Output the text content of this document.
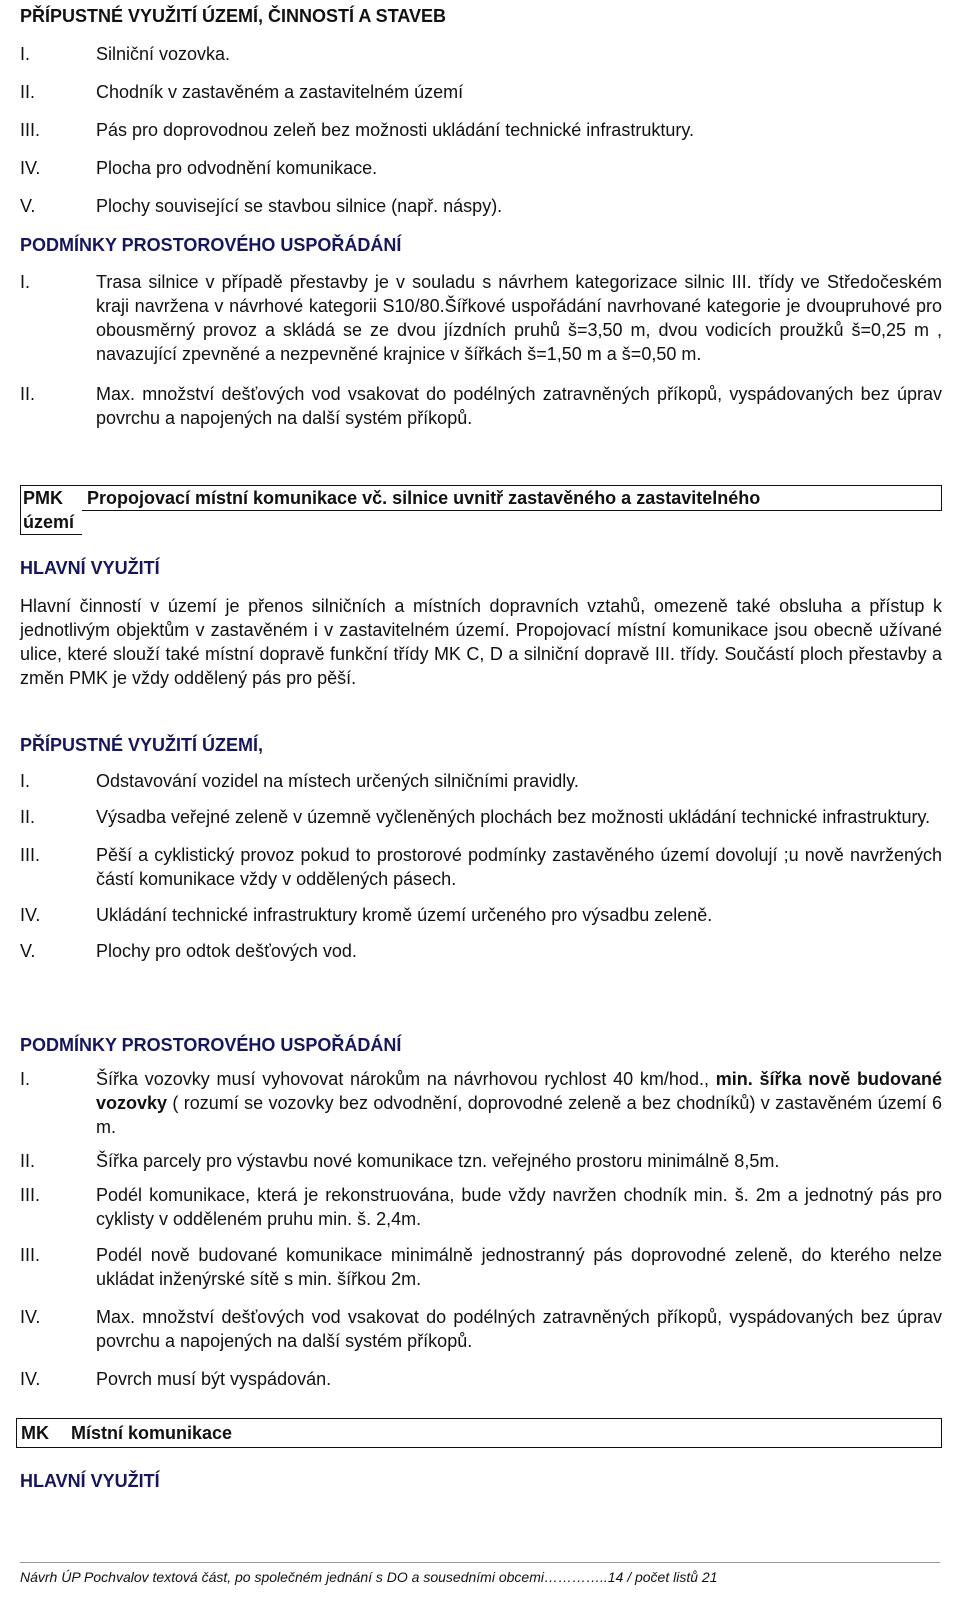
PŘÍPUSTNÉ VYUŽITÍ ÚZEMÍ, ČINNOSTÍ A STAVEB

I.	Silniční vozovka.
II.	Chodník v zastavěném a zastavitelném území
III.	Pás pro doprovodnou zeleň bez možnosti ukládání technické infrastruktury.
IV.	Plocha pro odvodnění komunikace.
V.	Plochy související se stavbou silnice (např. náspy).

PODMÍNKY PROSTOROVÉHO USPOŘÁDÁNÍ

I.	Trasa silnice v případě přestavby je v souladu s návrhem kategorizace silnic III. třídy ve Středočeském kraji navržena v návrhové kategorii S10/80.Šířkové uspořádání navrhované kategorie je dvoupruhové pro obousměrný provoz a skládá se ze dvou jízdních pruhů š=3,50 m, dvou vodicích proužků š=0,25 m , navazující zpevněné a nezpevněné krajnice v šířkách š=1,50 m a š=0,50 m.
II.	Max. množství dešťových vod vsakovat do podélných zatravněných příkopů, vyspádovaných bez úprav povrchu a napojených na další systém příkopů.
PMK	Propojovací místní komunikace vč. silnice uvnitř zastavěného a zastavitelného
území

HLAVNÍ VYUŽITÍ

Hlavní činností v území je přenos silničních a místních dopravních vztahů, omezeně také obsluha a přístup k jednotlivým objektům v zastavěném i v zastavitelném území. Propojovací místní komunikace jsou obecně užívané ulice, které slouží také místní dopravě funkční třídy MK C, D a silniční dopravě III. třídy. Součástí ploch přestavby a změn PMK je vždy oddělený pás pro pěší.

PŘÍPUSTNÉ VYUŽITÍ ÚZEMÍ,

I.	Odstavování vozidel na místech určených silničními pravidly.
II.	Výsadba veřejné zeleně v územně vyčleněných plochách bez možnosti ukládání technické infrastruktury.
III.	Pěší a cyklistický provoz pokud to prostorové podmínky zastavěného území dovolují ;u nově navržených částí komunikace vždy v oddělených pásech.
IV.	Ukládání technické infrastruktury kromě území určeného pro výsadbu zeleně.
V.	Plochy pro odtok dešťových vod.

PODMÍNKY PROSTOROVÉHO USPOŘÁDÁNÍ

I.	Šířka vozovky musí vyhovovat nárokům na návrhovou rychlost 40 km/hod., min. šířka nově budované vozovky ( rozumí se vozovky bez odvodnění, doprovodné zeleně a bez chodníků) v zastavěném území 6 m.
II.	Šířka parcely pro výstavbu nové komunikace tzn. veřejného prostoru minimálně 8,5m.
III.	Podél komunikace, která je rekonstruována, bude vždy navržen chodník min. š. 2m a jednotný pás pro cyklisty v odděleném pruhu min. š. 2,4m.
III.	Podél nově budované komunikace minimálně jednostranný pás doprovodné zeleně, do kterého nelze ukládat inženýrské sítě s min. šířkou 2m.
IV.	Max. množství dešťových vod vsakovat do podélných zatravněných příkopů, vyspádovaných bez úprav povrchu a napojených na další systém příkopů.
IV.	Povrch musí být vyspádován.
MK	Místní komunikace

HLAVNÍ VYUŽITÍ

Návrh ÚP Pochvalov textová část, po společném jednání s DO a sousedními obcemi…………..14 / počet listů 21
